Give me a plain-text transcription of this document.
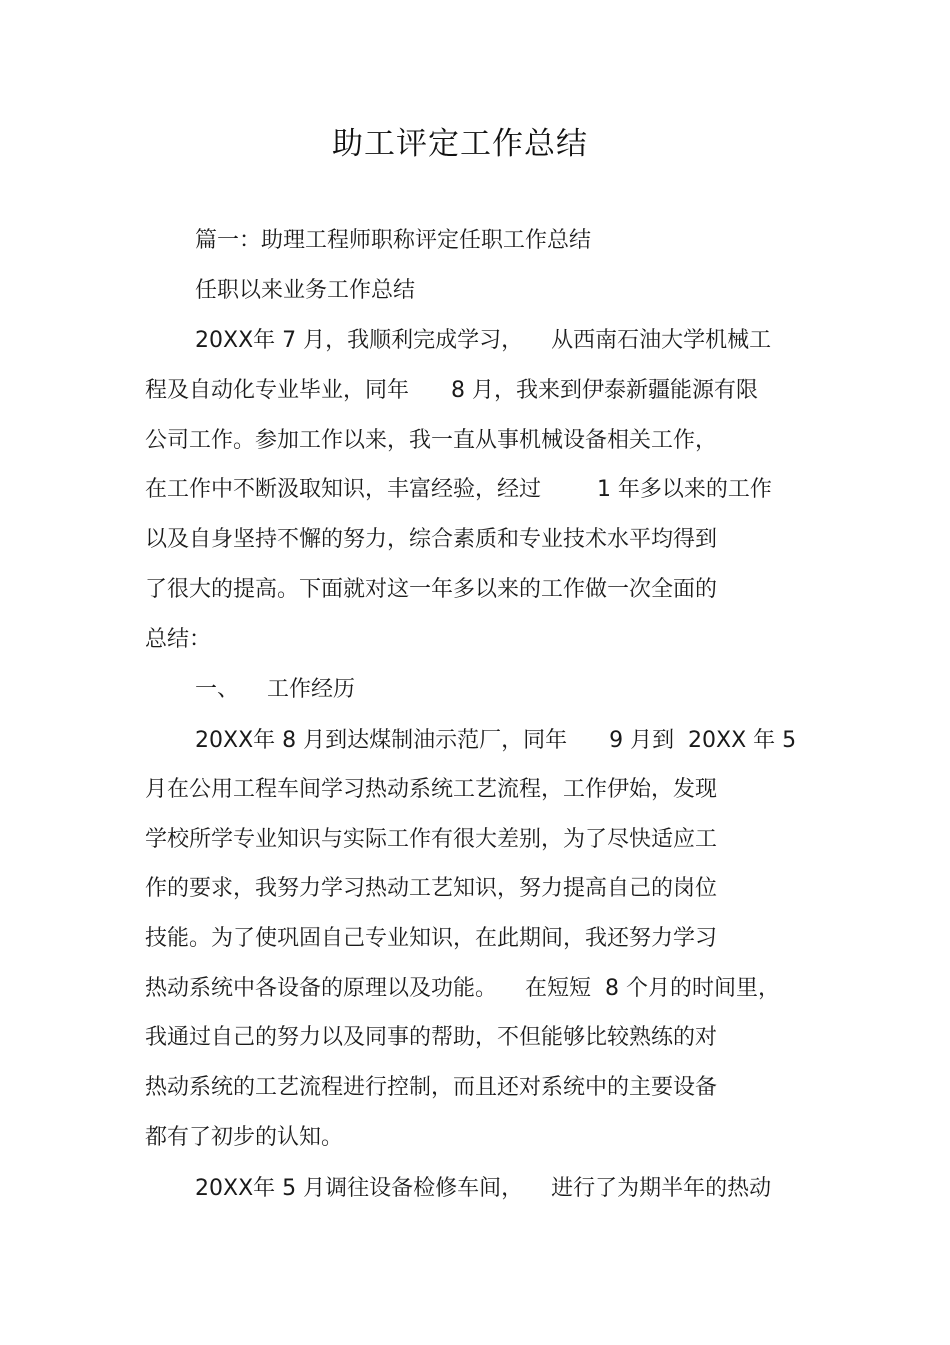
助工评定工作总结
篇一：助理工程师职称评定任职工作总结
任职以来业务工作总结
20XX年 7 月，我顺利完成学习，    从西南石油大学机械工
程及自动化专业毕业，同年      8 月，我来到伊泰新疆能源有限
公司工作。参加工作以来，我一直从事机械设备相关工作，
在工作中不断汲取知识，丰富经验，经过        1 年多以来的工作
以及自身坚持不懈的努力，综合素质和专业技术水平均得到
了很大的提高。下面就对这一年多以来的工作做一次全面的
总结：
一、    工作经历
20XX年 8 月到达煤制油示范厂，同年      9 月到  20XX 年 5
月在公用工程车间学习热动系统工艺流程，工作伊始，发现
学校所学专业知识与实际工作有很大差别，为了尽快适应工
作的要求，我努力学习热动工艺知识，努力提高自己的岗位
技能。为了使巩固自己专业知识，在此期间，我还努力学习
热动系统中各设备的原理以及功能。    在短短  8 个月的时间里，
我通过自己的努力以及同事的帮助，不但能够比较熟练的对
热动系统的工艺流程进行控制，而且还对系统中的主要设备
都有了初步的认知。
20XX年 5 月调往设备检修车间，    进行了为期半年的热动
